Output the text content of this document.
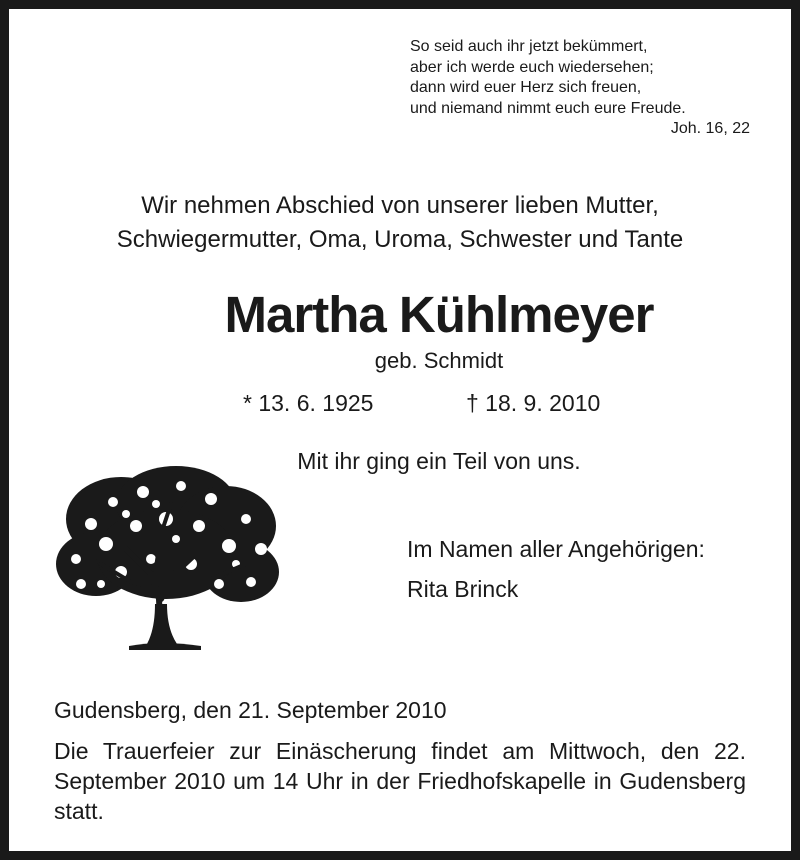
So seid auch ihr jetzt bekümmert,
aber ich werde euch wiedersehen;
dann wird euer Herz sich freuen,
und niemand nimmt euch eure Freude.
Joh. 16, 22
Wir nehmen Abschied von unserer lieben Mutter,
Schwiegermutter, Oma, Uroma, Schwester und Tante
Martha Kühlmeyer
geb. Schmidt
* 13. 6. 1925	† 18. 9. 2010
Mit ihr ging ein Teil von uns.
Im Namen aller Angehörigen:
Rita Brinck
Gudensberg, den 21. September 2010
Die Trauerfeier zur Einäscherung findet am Mittwoch, den 22. September 2010 um 14 Uhr in der Friedhofskapelle in Gudensberg statt.
